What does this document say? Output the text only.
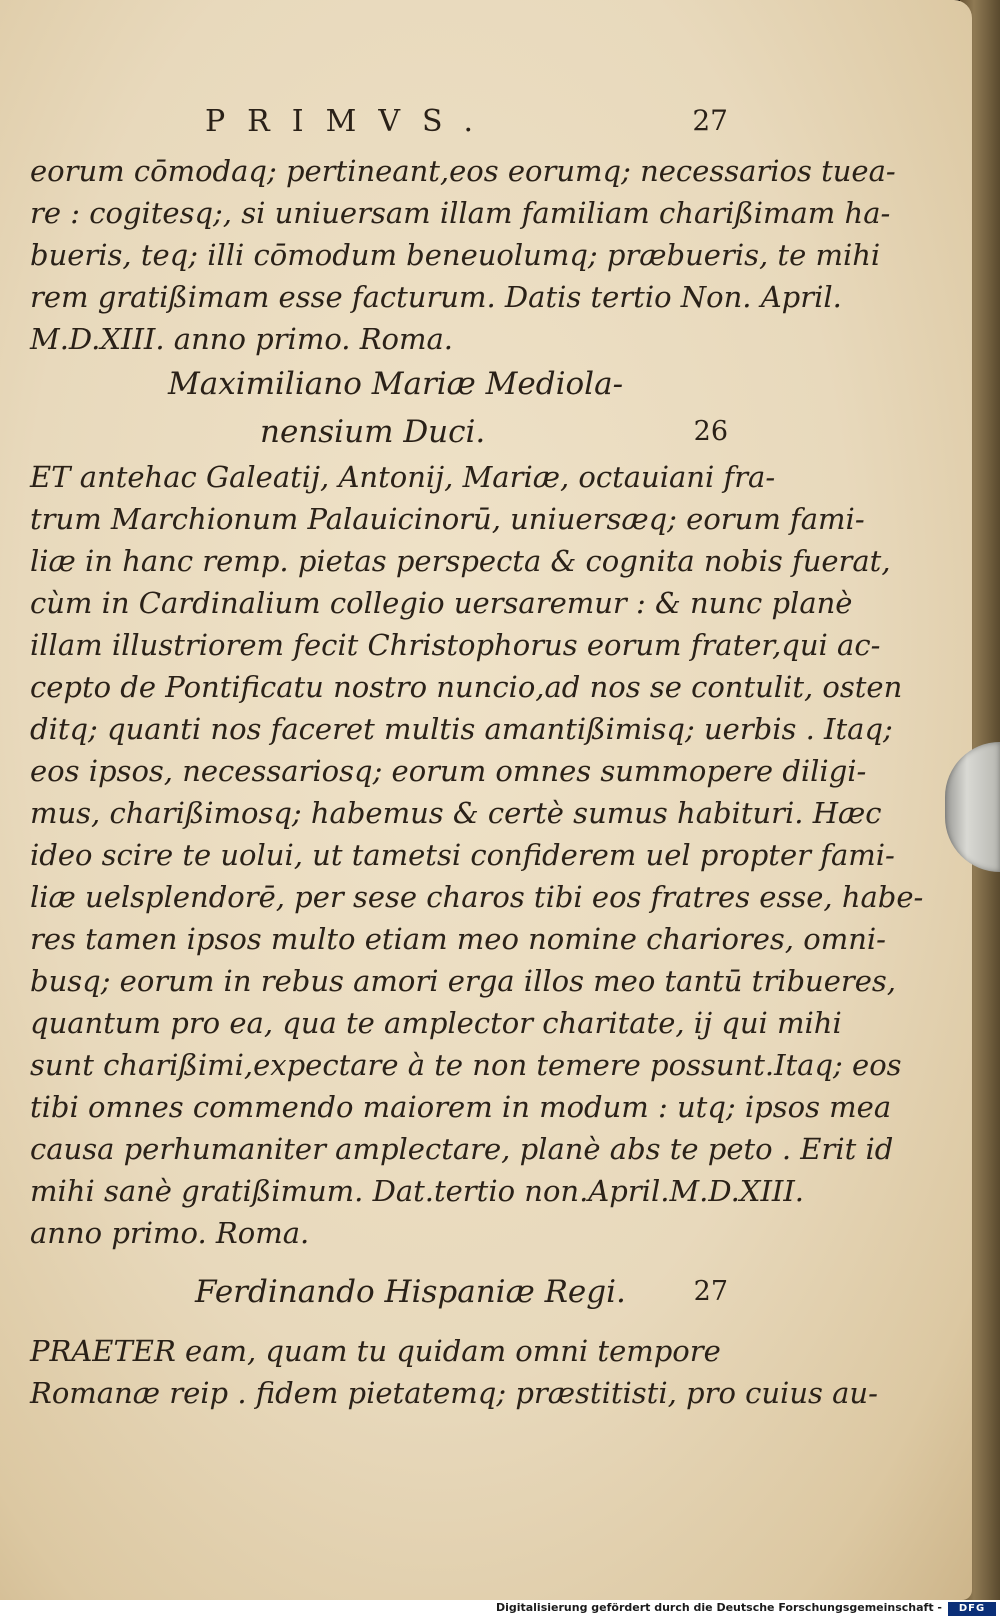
PRIMVS.	27
eorum cōmodaq; pertineant,eos eorumq; necessarios tuea-
re : cogitesq;, si uniuersam illam familiam charißimam ha-
bueris, teq; illi cōmodum beneuolumq; præbueris, te mihi
rem gratißimam esse facturum. Datis tertio Non. April.
M.D.XIII. anno primo. Roma.
Maximiliano Mariæ Mediola-
nensium Duci.	26
ET antehac Galeatij, Antonij, Mariæ, octauiani fra-
trum Marchionum Palauicinorū, uniuersæq; eorum fami-
liæ in hanc remp. pietas perspecta & cognita nobis fuerat,
cùm in Cardinalium collegio uersaremur : & nunc planè
illam illustriorem fecit Christophorus eorum frater,qui ac-
cepto de Pontificatu nostro nuncio,ad nos se contulit, osten
ditq; quanti nos faceret multis amantißimisq; uerbis . Itaq;
eos ipsos, necessariosq; eorum omnes summopere diligi-
mus, charißimosq; habemus & certè sumus habituri. Hæc
ideo scire te uolui, ut tametsi confiderem uel propter fami-
liæ uelsplendorē, per sese charos tibi eos fratres esse, habe-
res tamen ipsos multo etiam meo nomine chariores, omni-
busq; eorum in rebus amori erga illos meo tantū tribueres,
quantum pro ea, qua te amplector charitate, ij qui mihi
sunt charißimi,expectare à te non temere possunt.Itaq; eos
tibi omnes commendo maiorem in modum : utq; ipsos mea
causa perhumaniter amplectare, planè abs te peto . Erit id
mihi sanè gratißimum. Dat.tertio non.April.M.D.XIII.
anno primo. Roma.
Ferdinando Hispaniæ Regi.	27
PRAETER eam, quam tu quidam omni tempore
Romanæ reip . fidem pietatemq; præstitisti, pro cuius au-
Digitalisierung gefördert durch die Deutsche Forschungsgemeinschaft -	DFG
